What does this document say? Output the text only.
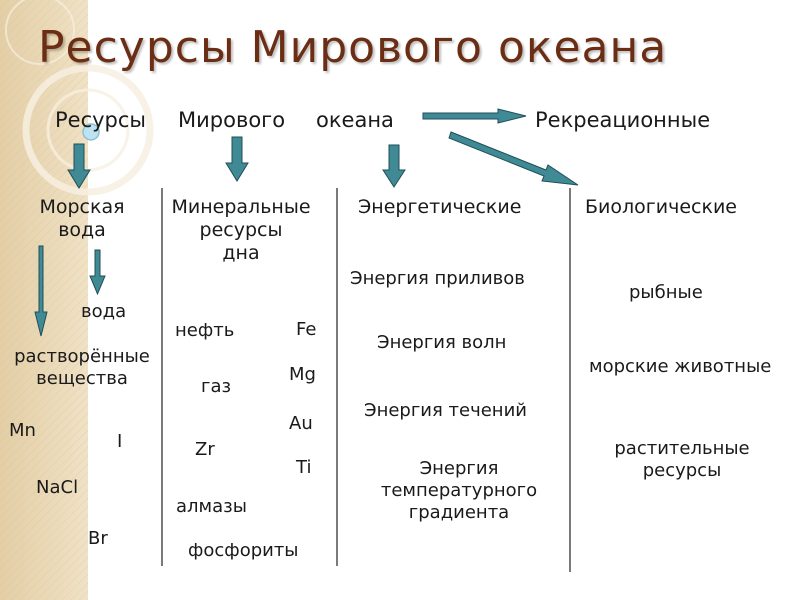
Ресурсы Мирового океана
Ресурсы Мирового океана	Рекреационные
Морская
вода
Минеральные
ресурсы
дна
Энергетические	Биологические
вода
растворённые
вещества
Mn
I
NaCl
Br
нефть	Fe
Mg
газ
Au
Zr
Ti
алмазы
фосфориты
Энергия приливов
Энергия волн
Энергия течений
Энергия
температурного
градиента
рыбные
морские животные
растительные
ресурсы
